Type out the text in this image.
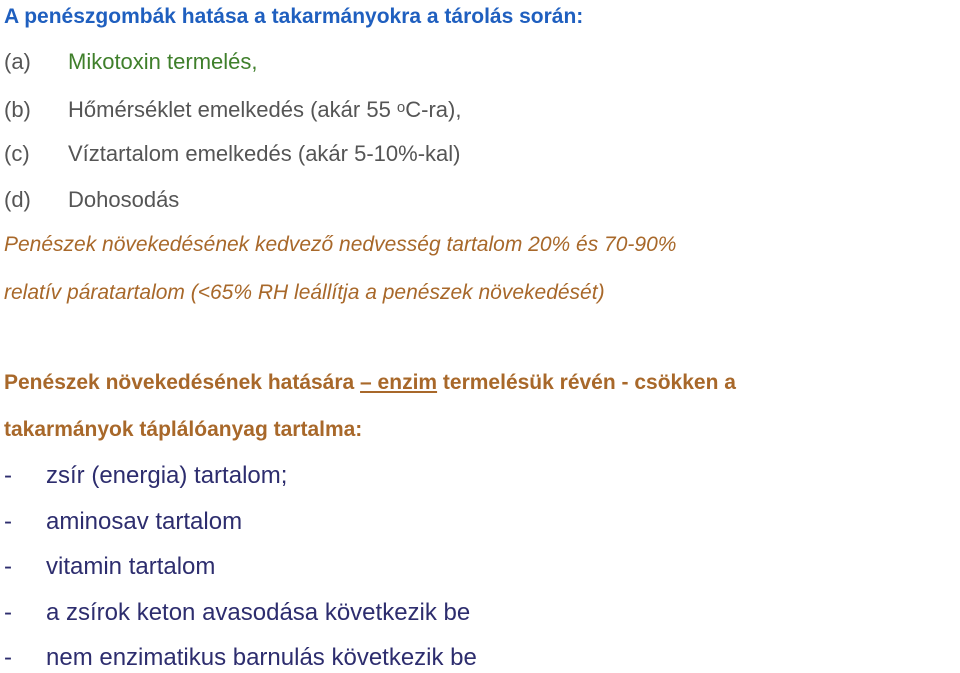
A penészgombák hatása a takarmányokra a tárolás során:
(a) Mikotoxin termelés,
(b) Hőmérséklet emelkedés (akár 55 $^o$C-ra),
(c) Víztartalom emelkedés (akár 5-10%-kal)
(d) Dohosodás
Penészek növekedésének kedvező nedvesség tartalom 20% és 70-90%
relatív páratartalom (<65% RH leállítja a penészek növekedését)
Penészek növekedésének hatására – enzim termelésük révén - csökken a
takarmányok táplálóanyag tartalma:
- zsír (energia) tartalom;
- aminosav tartalom
- vitamin tartalom
- a zsírok keton avasodása következik be
- nem enzimatikus barnulás következik be
